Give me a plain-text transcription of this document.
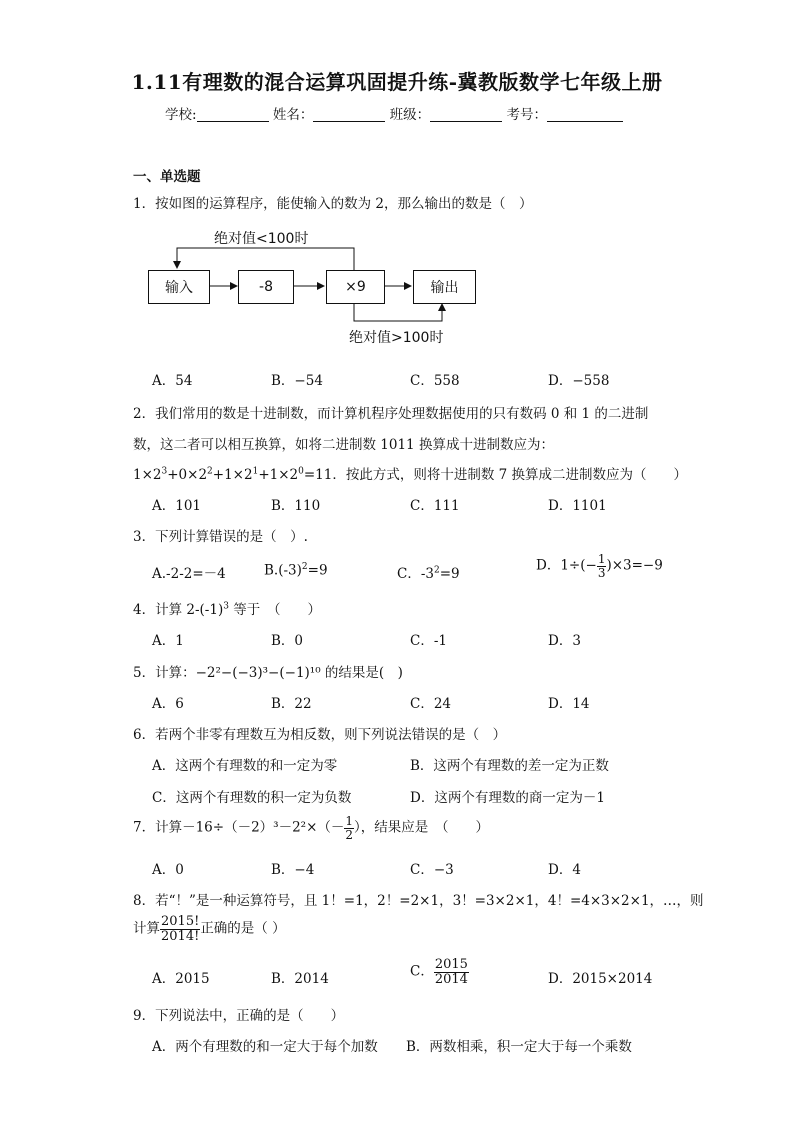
1.11有理数的混合运算巩固提升练-冀教版数学七年级上册
学校:	姓名：	班级：	考号：
一、单选题
1．按如图的运算程序，能使输入的数为 2，那么输出的数是（　）
输入	-8	×9	输出
绝对值<100时
绝对值>100时
A．54	B．−54	C．558	D．−558
2．我们常用的数是十进制数，而计算机程序处理数据使用的只有数码 0 和 1 的二进制
数，这二者可以相互换算，如将二进制数 1011 换算成十进制数应为：
$1\times 2^3+0\times 2^2+1\times 2^1+1\times 2^0=11$．按此方式，则将十进制数 7 换算成二进制数应为（　　）
A．101	B．110	C．111	D．1101
3．下列计算错误的是（　）.
A.-2-2=－4	$B.(-3)^2=9$	C．$-3^2=9$
D．$1\div(- \frac{1}{3} )\times 3=-9$
4．计算 $2-(-1)^3$ 等于　（　　）
A．1	B．0	C．-1	D．3
5．计算：−2²−(−3)³−(−1)¹⁰ 的结果是(　)
A．6	B．22	C．24	D．14
6．若两个非零有理数互为相反数，则下列说法错误的是（　）
A．这两个有理数的和一定为零	B．这两个有理数的差一定为正数
C．这两个有理数的积一定为负数	D．这两个有理数的商一定为－1
7．计算$-16\div(-2)^3-2^2\times(- \frac{1}{2}$ ），结果应是　（　　）
A．0	B．−4	C．−3	D．4
8．若“！”是一种运算符号，且 1！=1，2！=2×1，3！=3×2×1，4！=4×3×2×1，…，则
计算 $\frac{2015!}{2014!}$ 正确的是（ ）
A．2015	B．2014	C． $\frac{2015}{2014}$	D．2015×2014
9．下列说法中，正确的是（　　）
A．两个有理数的和一定大于每个加数 B．两数相乘，积一定大于每一个乘数
